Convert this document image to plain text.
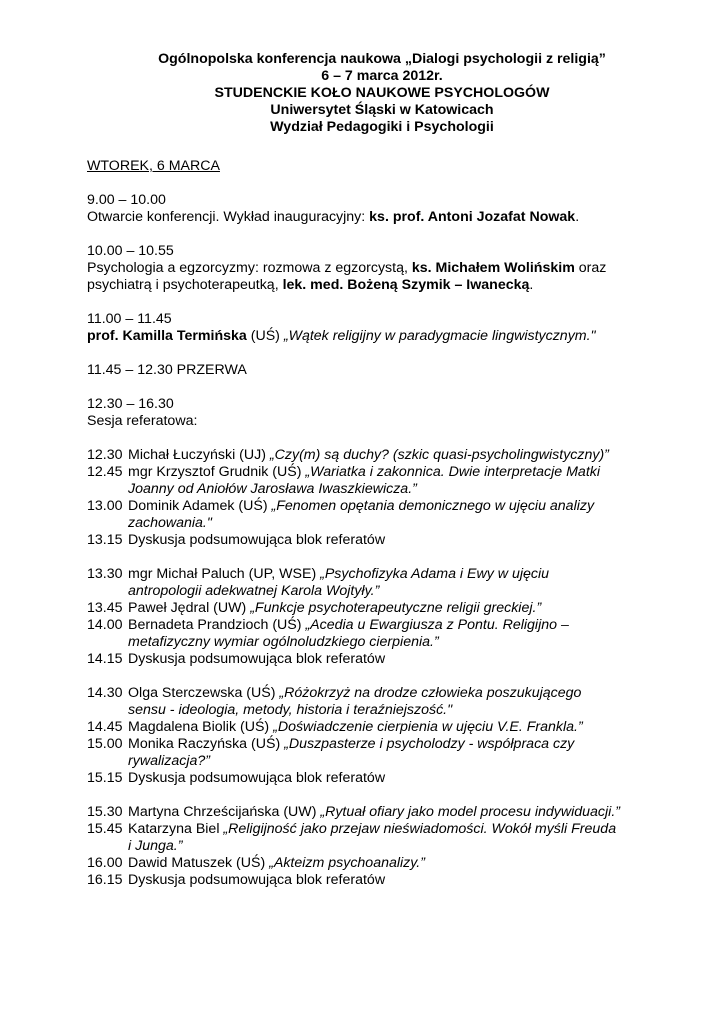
Ogólnopolska konferencja naukowa „Dialogi psychologii z religią”
6 – 7 marca 2012r.
STUDENCKIE KOŁO NAUKOWE PSYCHOLOGÓW
Uniwersytet Śląski w Katowicach
Wydział Pedagogiki i Psychologii
WTOREK, 6 MARCA
9.00 – 10.00
Otwarcie konferencji. Wykład inauguracyjny: ks. prof. Antoni Jozafat Nowak.
10.00 – 10.55
Psychologia a egzorcyzmy: rozmowa z egzorcystą, ks. Michałem Wolińskim oraz
psychiatrą i psychoterapeutką, lek. med. Bożeną Szymik – Iwanecką.
11.00 – 11.45
prof. Kamilla Termińska (UŚ) „Wątek religijny w paradygmacie lingwistycznym."
11.45 – 12.30 PRZERWA
12.30 – 16.30
Sesja referatowa:
12.30 Michał Łuczyński (UJ) „Czy(m) są duchy? (szkic quasi-psycholingwistyczny)”
12.45 mgr Krzysztof Grudnik (UŚ) „Wariatka i zakonnica. Dwie interpretacje Matki
Joanny od Aniołów Jarosława Iwaszkiewicza.”
13.00 Dominik Adamek (UŚ) „Fenomen opętania demonicznego w ujęciu analizy
zachowania."
13.15 Dyskusja podsumowująca blok referatów
13.30 mgr Michał Paluch (UP, WSE) „Psychofizyka Adama i Ewy w ujęciu
antropologii adekwatnej Karola Wojtyły.”
13.45 Paweł Jędral (UW) „Funkcje psychoterapeutyczne religii greckiej.”
14.00 Bernadeta Prandzioch (UŚ) „Acedia u Ewargiusza z Pontu. Religijno –
metafizyczny wymiar ogólnoludzkiego cierpienia.”
14.15 Dyskusja podsumowująca blok referatów
14.30 Olga Sterczewska (UŚ) „Różokrzyż na drodze człowieka poszukującego
sensu - ideologia, metody, historia i teraźniejszość."
14.45 Magdalena Biolik (UŚ) „Doświadczenie cierpienia w ujęciu V.E. Frankla.”
15.00 Monika Raczyńska (UŚ) „Duszpasterze i psycholodzy - współpraca czy
rywalizacja?”
15.15 Dyskusja podsumowująca blok referatów
15.30 Martyna Chrześcijańska (UW) „Rytuał ofiary jako model procesu indywiduacji.”
15.45 Katarzyna Biel „Religijność jako przejaw nieświadomości. Wokół myśli Freuda
i Junga.”
16.00 Dawid Matuszek (UŚ) „Akteizm psychoanalizy.”
16.15 Dyskusja podsumowująca blok referatów
